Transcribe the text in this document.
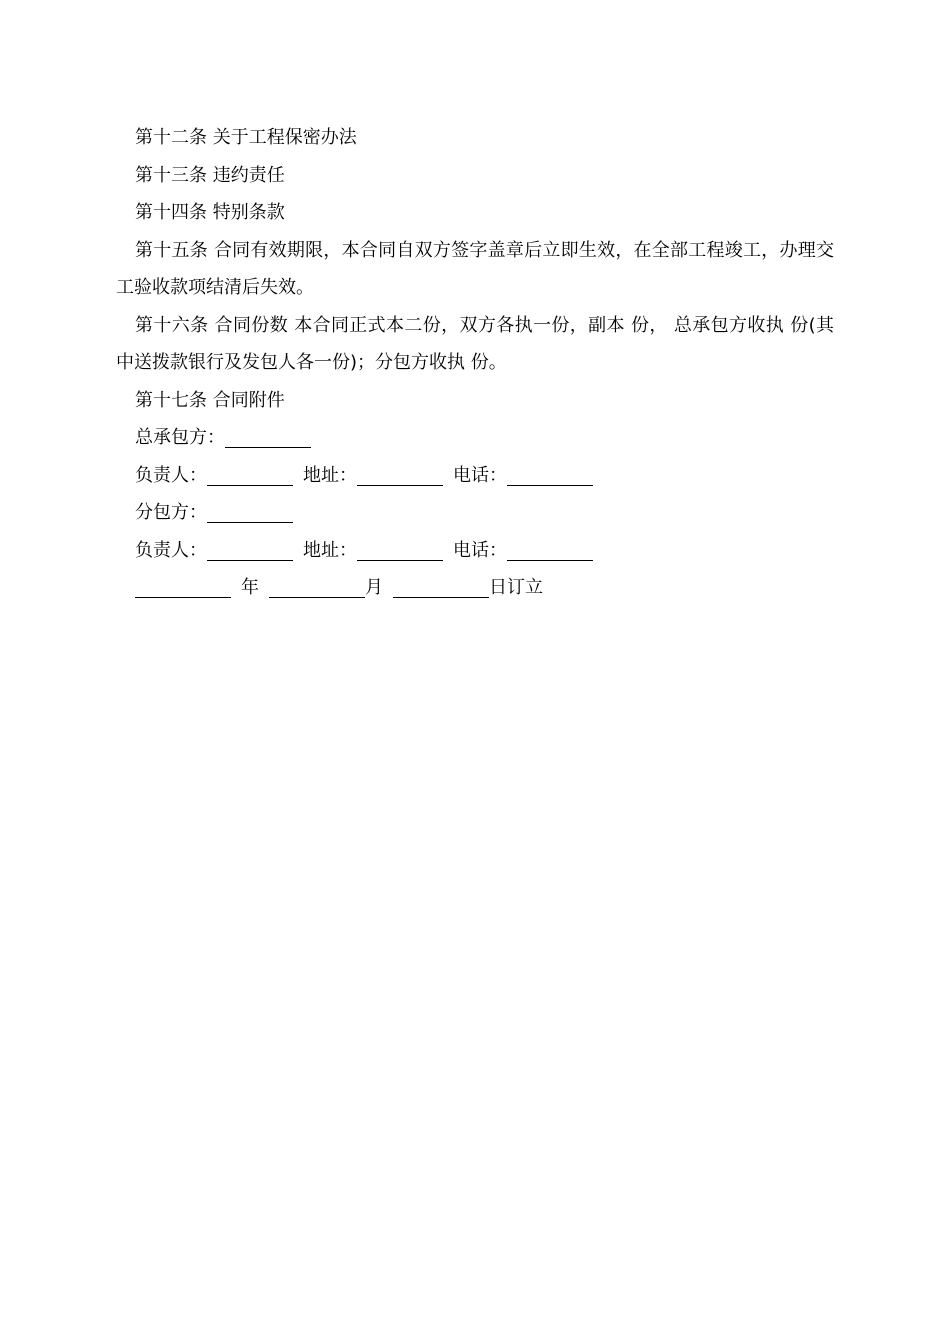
第十二条 关于工程保密办法

第十三条 违约责任

第十四条 特别条款

第十五条 合同有效期限，本合同自双方签字盖章后立即生效，在全部工程竣工，办理交工验收款项结清后失效。

第十六条 合同份数 本合同正式本二份，双方各执一份，副本 份， 总承包方收执 份(其中送拨款银行及发包人各一份)；分包方收执 份。

第十七条 合同附件

总承包方：

负责人：	地址：	电话：

分包方：

负责人：	地址：	电话：

年	月	日订立
